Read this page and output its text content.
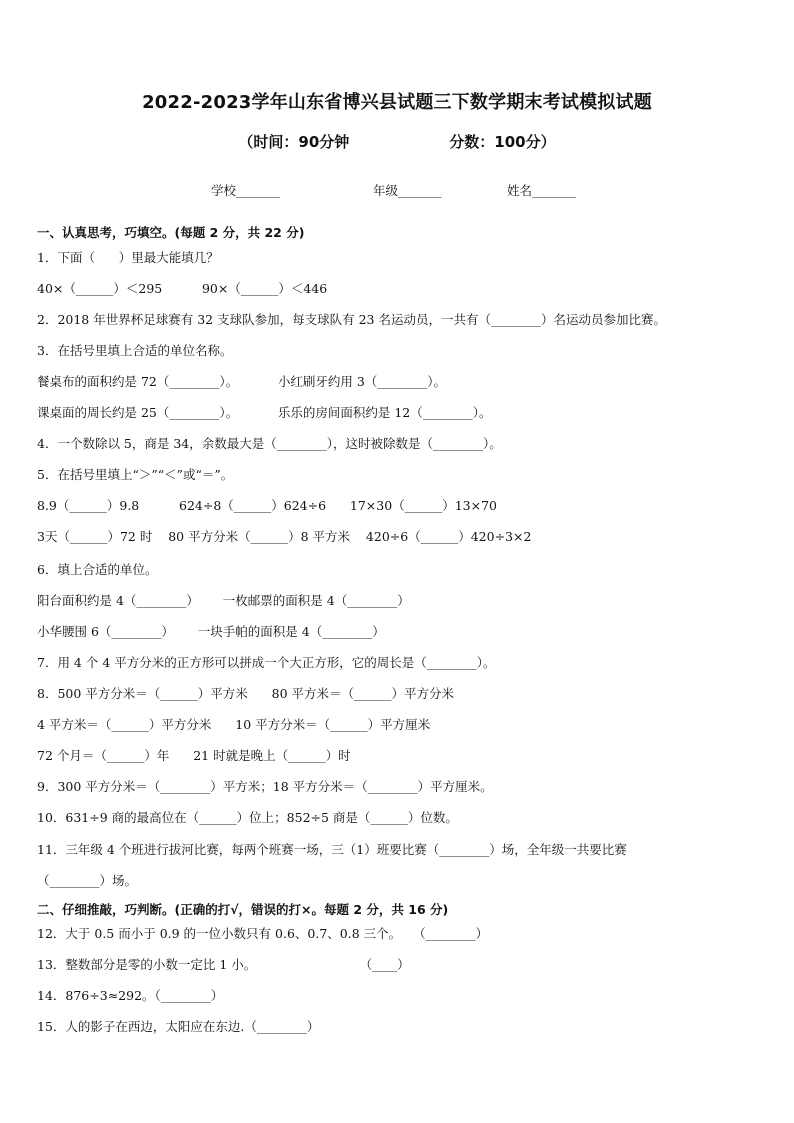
2022-2023学年山东省博兴县试题三下数学期末考试模拟试题
（时间：90分钟	分数：100分）
学校_______	年级_______	姓名_______
一、认真思考，巧填空。(每题 2 分，共 22 分)
1．下面（      ）里最大能填几？
40×（______）＜295          90×（______）＜446
2．2018 年世界杯足球赛有 32 支球队参加，每支球队有 23 名运动员，一共有（________）名运动员参加比赛。
3．在括号里填上合适的单位名称。
餐桌布的面积约是 72（________）。          小红刷牙约用 3（________）。
课桌面的周长约是 25（________）。          乐乐的房间面积约是 12（________）。
4．一个数除以 5，商是 34，余数最大是（________），这时被除数是（________）。
5．在括号里填上“＞”“＜”或“＝”。
8.9（______）9.8          624÷8（______）624÷6      17×30（______）13×70
3天（______）72 时    80 平方分米（______）8 平方米    420÷6（______）420÷3×2
6．填上合适的单位。
阳台面积约是 4（________）      一枚邮票的面积是 4（________）
小华腰围 6（________）      一块手帕的面积是 4（________）
7．用 4 个 4 平方分米的正方形可以拼成一个大正方形，它的周长是（________）。
8．500 平方分米＝（______）平方米      80 平方米＝（______）平方分米
4 平方米＝（______）平方分米      10 平方分米＝（______）平方厘米
72 个月＝（______）年      21 时就是晚上（______）时
9．300 平方分米＝（________）平方米；18 平方分米＝（________）平方厘米。
10．631÷9 商的最高位在（______）位上；852÷5 商是（______）位数。
11．三年级 4 个班进行拔河比赛，每两个班赛一场，三（1）班要比赛（________）场，全年级一共要比赛
（________）场。
二、仔细推敲，巧判断。(正确的打√，错误的打×。每题 2 分，共 16 分)
12．大于 0.5 而小于 0.9 的一位小数只有 0.6、0.7、0.8 三个。   （________）
13．整数部分是零的小数一定比 1 小。                          （____）
14．876÷3≈292。（________）
15．人的影子在西边，太阳应在东边.（________）
